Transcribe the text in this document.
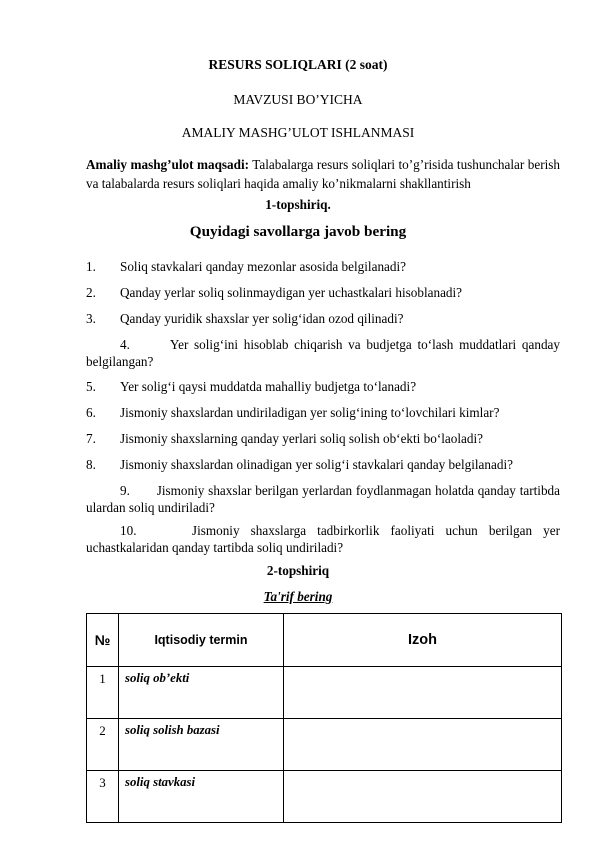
RESURS SOLIQLARI (2 soat)
MAVZUSI BO’YICHA
AMALIY MASHG’ULOT ISHLANMASI
Amaliy mashg’ulot maqsadi: Talabalarga resurs soliqlari to’g’risida tushunchalar berish va talabalarda resurs soliqlari haqida amaliy ko’nikmalarni shakllantirish
1-topshiriq.
Quyidagi savollarga javob bering
1.	Soliq stavkalari qanday mezonlar asosida belgilanadi?
2.	Qanday yerlar soliq solinmaydigan yer uchastkalari hisoblanadi?
3.	Qanday yuridik shaxslar yer solig‘idan ozod qilinadi?
4.       Yer solig‘ini hisoblab chiqarish va budjetga to‘lash muddatlari qanday belgilangan?
5.	Yer solig‘i qaysi muddatda mahalliy budjetga to‘lanadi?
6.	Jismoniy shaxslardan undiriladigan yer solig‘ining to‘lovchilari kimlar?
7.	Jismoniy shaxslarning qanday yerlari soliq solish ob‘ekti bo‘laoladi?
8.	Jismoniy shaxslardan olinadigan yer solig‘i stavkalari qanday belgilanadi?
9.       Jismoniy shaxslar berilgan yerlardan foydlanmagan holatda qanday tartibda ulardan soliq undiriladi?
10.     Jismoniy shaxslarga tadbirkorlik faoliyati uchun berilgan yer uchastkalaridan qanday tartibda soliq undiriladi?
2-topshiriq
Ta'rif bering
№	Iqtisodiy termin	Izoh
1	soliq ob’ekti	
2	soliq solish bazasi	
3	soliq stavkasi	
